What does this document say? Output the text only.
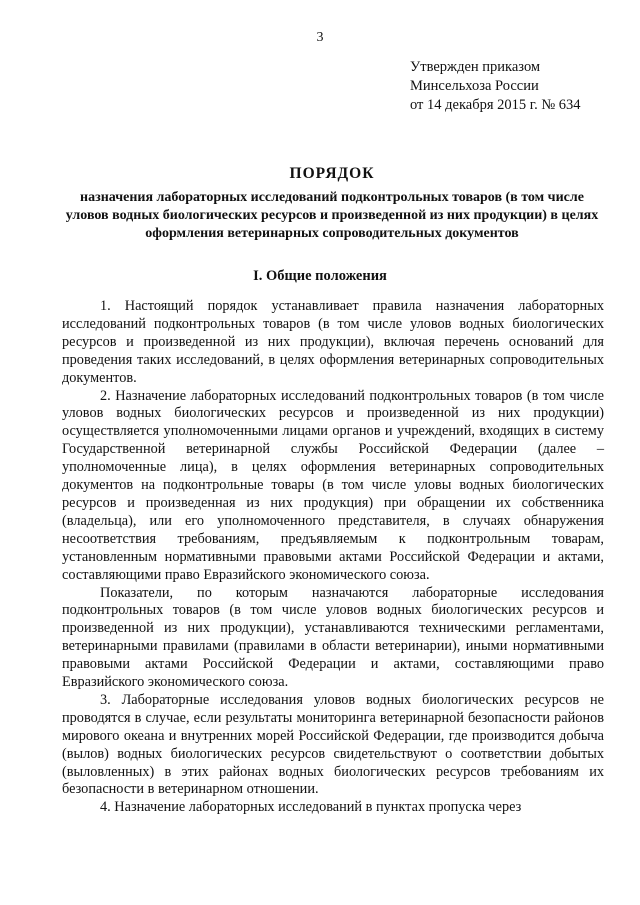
3
Утвержден приказом
Минсельхоза России
от 14 декабря 2015 г. № 634
ПОРЯДОК
назначения лабораторных исследований подконтрольных товаров (в том числе уловов водных биологических ресурсов и произведенной из них продукции) в целях оформления ветеринарных сопроводительных документов
I. Общие положения

1. Настоящий порядок устанавливает правила назначения лабораторных исследований подконтрольных товаров (в том числе уловов водных биологических ресурсов и произведенной из них продукции), включая перечень оснований для проведения таких исследований, в целях оформления ветеринарных сопроводительных документов.

2. Назначение лабораторных исследований подконтрольных товаров (в том числе уловов водных биологических ресурсов и произведенной из них продукции) осуществляется уполномоченными лицами органов и учреждений, входящих в систему Государственной ветеринарной службы Российской Федерации (далее – уполномоченные лица), в целях оформления ветеринарных сопроводительных документов на подконтрольные товары (в том числе уловы водных биологических ресурсов и произведенная из них продукция) при обращении их собственника (владельца), или его уполномоченного представителя, в случаях обнаружения несоответствия требованиям, предъявляемым к подконтрольным товарам, установленным нормативными правовыми актами Российской Федерации и актами, составляющими право Евразийского экономического союза.

Показатели, по которым назначаются лабораторные исследования подконтрольных товаров (в том числе уловов водных биологических ресурсов и произведенной из них продукции), устанавливаются техническими регламентами, ветеринарными правилами (правилами в области ветеринарии), иными нормативными правовыми актами Российской Федерации и актами, составляющими право Евразийского экономического союза.

3. Лабораторные исследования уловов водных биологических ресурсов не проводятся в случае, если результаты мониторинга ветеринарной безопасности районов мирового океана и внутренних морей Российской Федерации, где производится добыча (вылов) водных биологических ресурсов свидетельствуют о соответствии добытых (выловленных) в этих районах водных биологических ресурсов требованиям их безопасности в ветеринарном отношении.

4. Назначение лабораторных исследований в пунктах пропуска через
